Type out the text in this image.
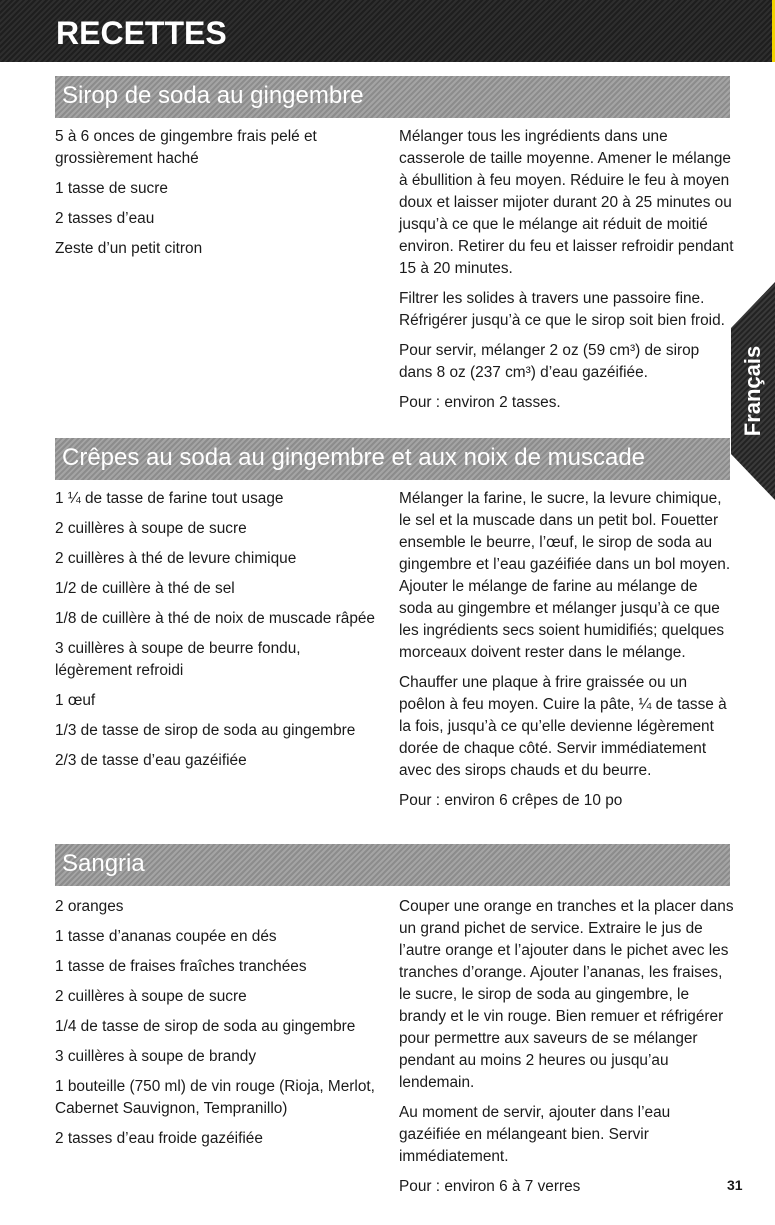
RECETTES
Sirop de soda au gingembre

5 à 6 onces de gingembre frais pelé et grossièrement haché

1 tasse de sucre

2 tasses d’eau

Zeste d’un petit citron

Mélanger tous les ingrédients dans une casserole de taille moyenne. Amener le mélange à ébullition à feu moyen. Réduire le feu à moyen doux et laisser mijoter durant 20 à 25 minutes ou jusqu’à ce que le mélange ait réduit de moitié environ. Retirer du feu et laisser refroidir pendant 15 à 20 minutes.

Filtrer les solides à travers une passoire fine. Réfrigérer jusqu’à ce que le sirop soit bien froid.

Pour servir, mélanger 2 oz (59 cm³) de sirop dans 8 oz (237 cm³) d’eau gazéifiée.

Pour : environ 2 tasses.

Crêpes au soda au gingembre et aux noix de muscade

1 ¼ de tasse de farine tout usage

2 cuillères à soupe de sucre

2 cuillères à thé de levure chimique

1/2 de cuillère à thé de sel

1/8 de cuillère à thé de noix de muscade râpée

3 cuillères à soupe de beurre fondu, légèrement refroidi

1 œuf

1/3 de tasse de sirop de soda au gingembre

2/3 de tasse d’eau gazéifiée

Mélanger la farine, le sucre, la levure chimique, le sel et la muscade dans un petit bol. Fouetter ensemble le beurre, l’œuf, le sirop de soda au gingembre et l’eau gazéifiée dans un bol moyen. Ajouter le mélange de farine au mélange de soda au gingembre et mélanger jusqu’à ce que les ingrédients secs soient humidifiés; quelques morceaux doivent rester dans le mélange.

Chauffer une plaque à frire graissée ou un poêlon à feu moyen. Cuire la pâte, ¼ de tasse à la fois, jusqu’à ce qu’elle devienne légèrement dorée de chaque côté. Servir immédiatement avec des sirops chauds et du beurre.

Pour : environ 6 crêpes de 10 po

Sangria

2 oranges

1 tasse d’ananas coupée en dés

1 tasse de fraises fraîches tranchées

2 cuillères à soupe de sucre

1/4 de tasse de sirop de soda au gingembre

3 cuillères à soupe de brandy

1 bouteille (750 ml) de vin rouge (Rioja, Merlot, Cabernet Sauvignon, Tempranillo)

2 tasses d’eau froide gazéifiée

Couper une orange en tranches et la placer dans un grand pichet de service. Extraire le jus de l’autre orange et l’ajouter dans le pichet avec les tranches d’orange. Ajouter l’ananas, les fraises, le sucre, le sirop de soda au gingembre, le brandy et le vin rouge. Bien remuer et réfrigérer pour permettre aux saveurs de se mélanger pendant au moins 2 heures ou jusqu’au lendemain.

Au moment de servir, ajouter dans l’eau gazéifiée en mélangeant bien. Servir immédiatement.

Pour : environ 6 à 7 verres

Français
31
